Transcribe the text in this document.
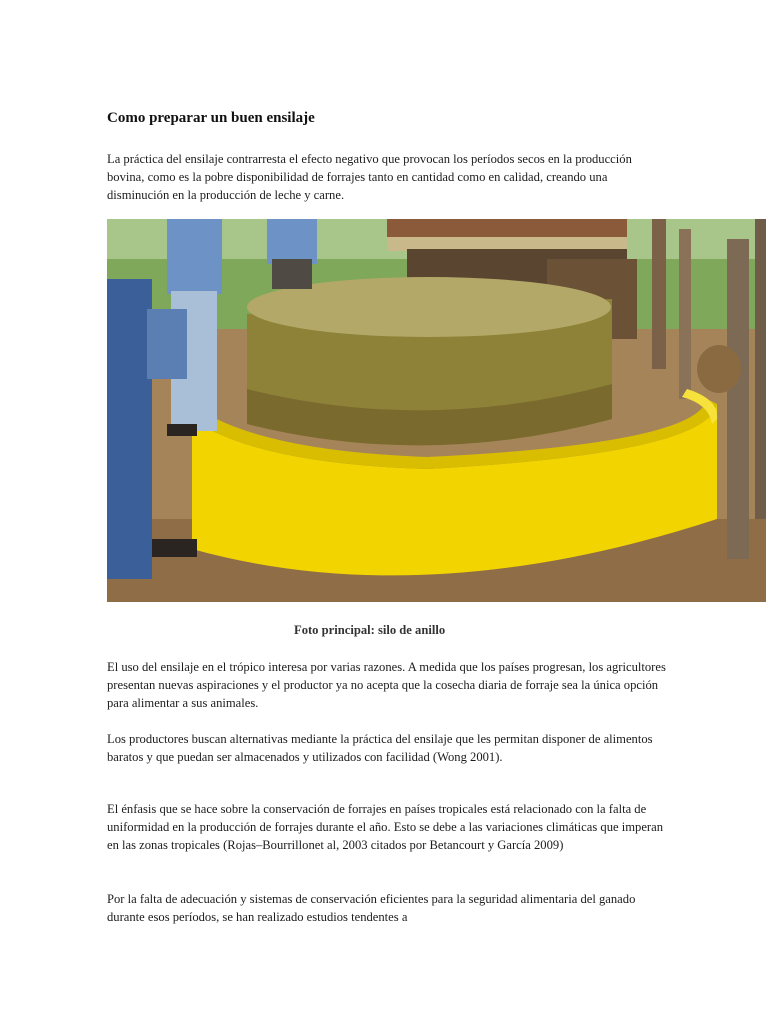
Como preparar un buen ensilaje

La práctica del ensilaje contrarresta el efecto negativo que provocan los períodos secos en la producción bovina, como es la pobre disponibilidad de forrajes tanto en cantidad como en calidad, creando una disminución en la producción de leche y carne.

Foto principal: silo de anillo

El uso del ensilaje en el trópico interesa por varias razones. A medida que los países progresan, los agricultores presentan nuevas aspiraciones y el productor ya no acepta que la cosecha diaria de forraje sea la única opción para alimentar a sus animales.

Los productores buscan alternativas mediante la práctica del ensilaje que les permitan disponer de alimentos baratos y que puedan ser almacenados y utilizados con facilidad (Wong 2001).

El énfasis que se hace sobre la conservación de forrajes en países tropicales está relacionado con la falta de uniformidad en la producción de forrajes durante el año. Esto se debe a las variaciones climáticas que imperan en las zonas tropicales (Rojas–Bourrillonet al, 2003 citados por Betancourt y García 2009)

Por la falta de adecuación y sistemas de conservación eficientes para la seguridad alimentaria del ganado durante esos períodos, se han realizado estudios tendentes a
